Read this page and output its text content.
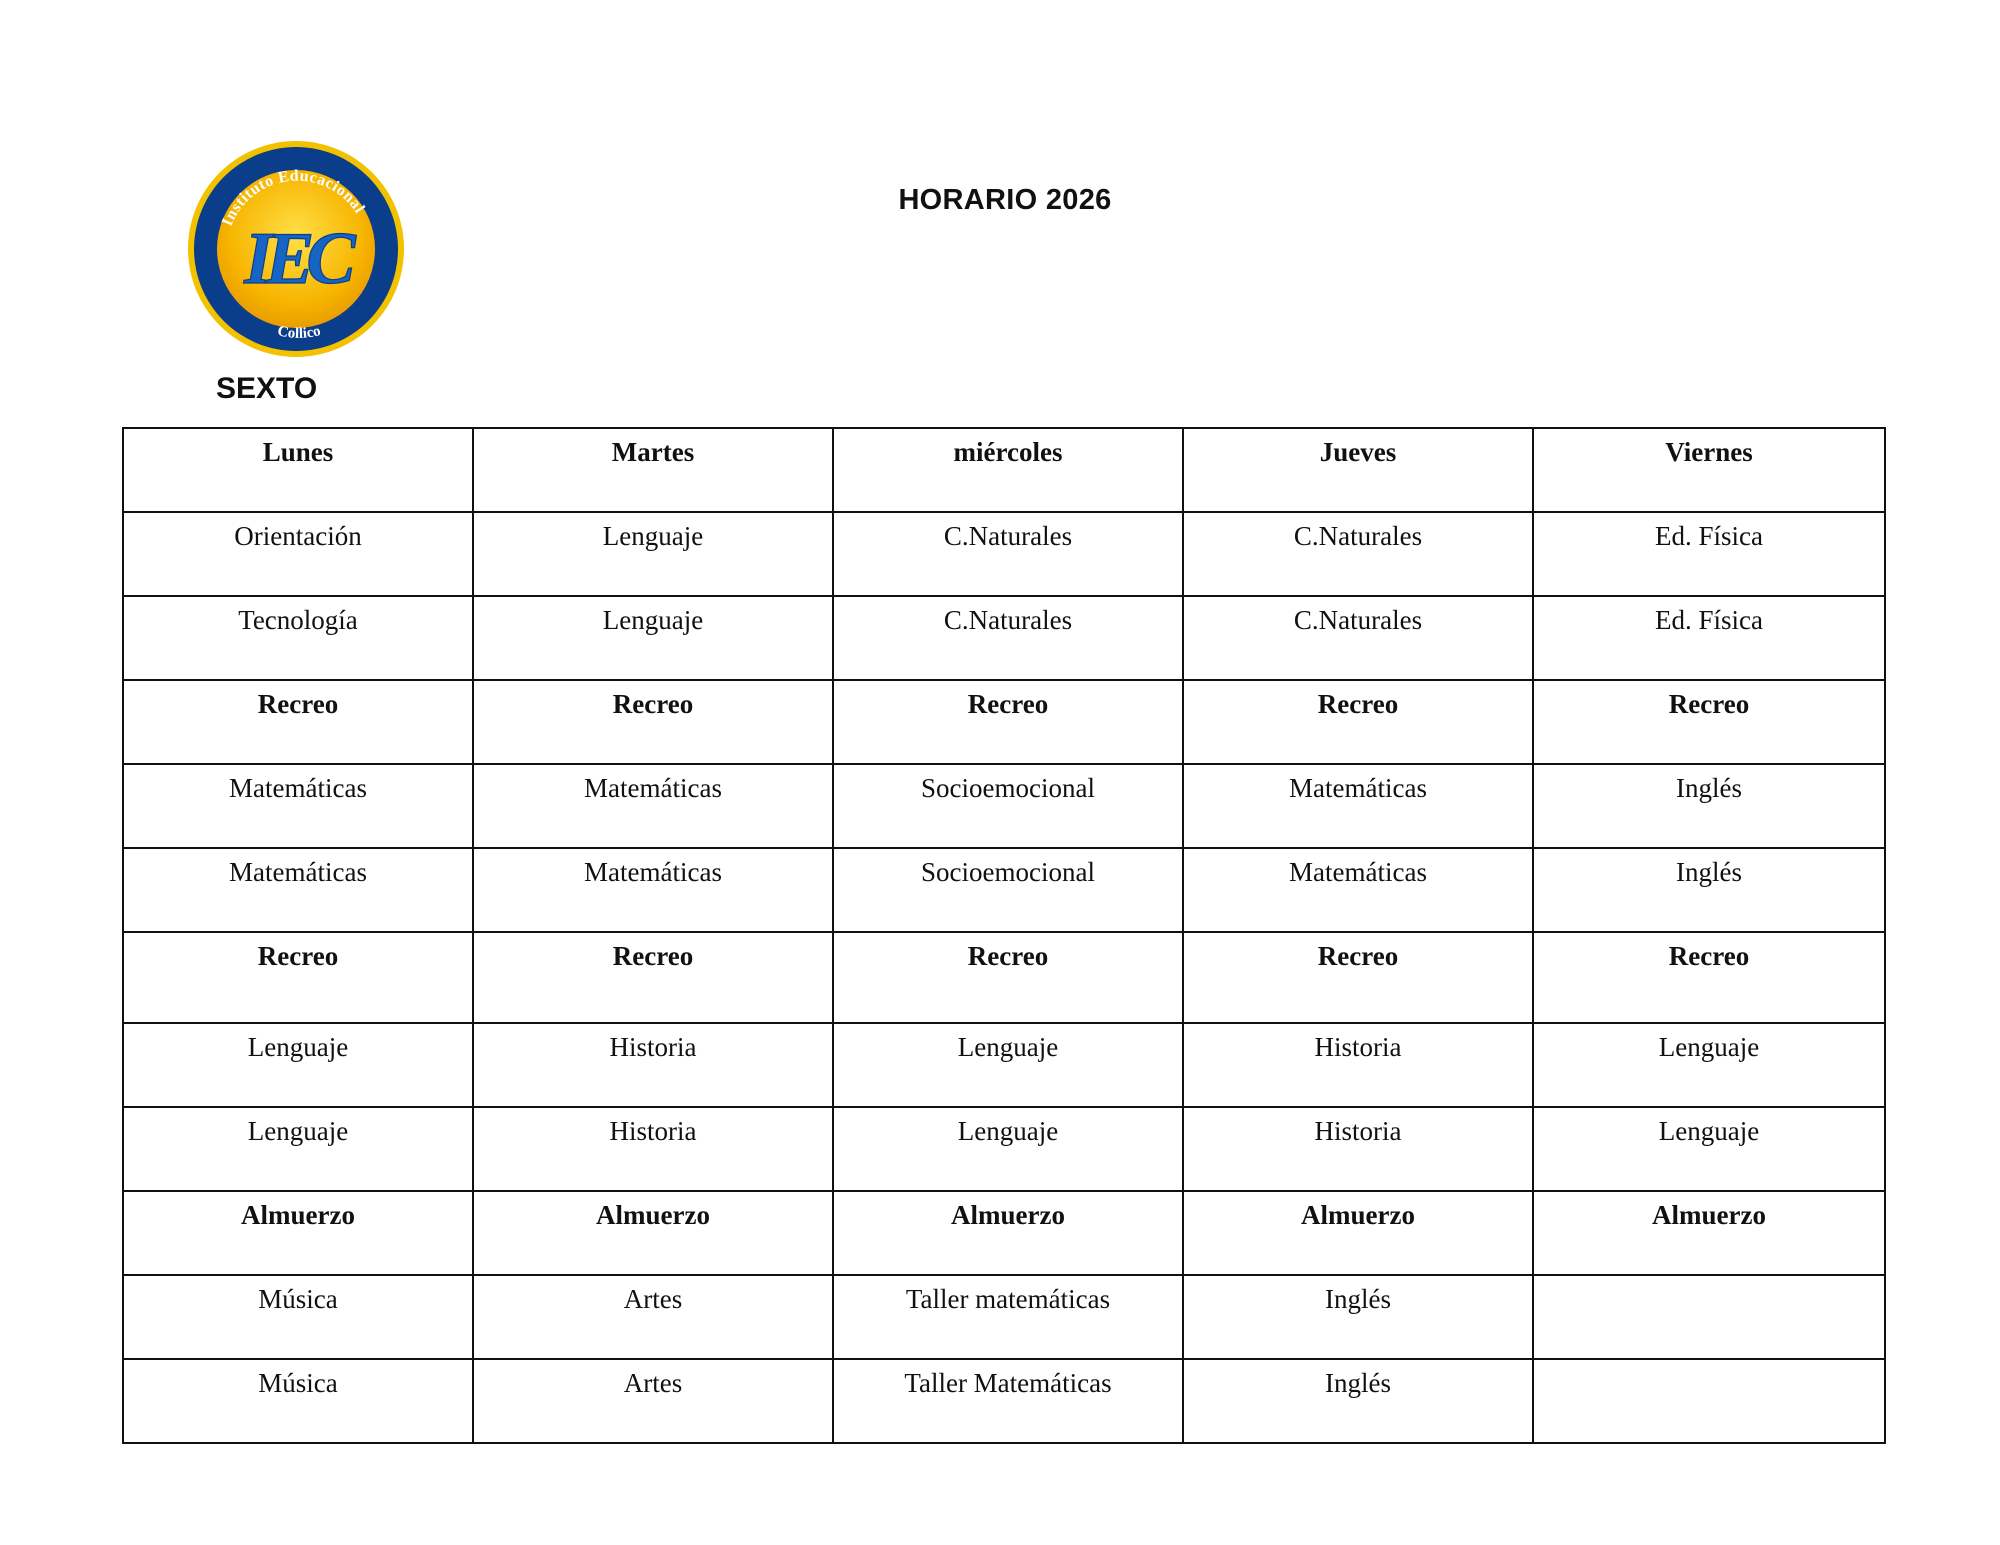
Instituto Educacional
Collico
IEC
HORARIO 2026
SEXTO
Lunes	Martes	miércoles	Jueves	Viernes
Orientación	Lenguaje	C.Naturales	C.Naturales	Ed. Física
Tecnología	Lenguaje	C.Naturales	C.Naturales	Ed. Física
Recreo	Recreo	Recreo	Recreo	Recreo
Matemáticas	Matemáticas	Socioemocional	Matemáticas	Inglés
Matemáticas	Matemáticas	Socioemocional	Matemáticas	Inglés
Recreo	Recreo	Recreo	Recreo	Recreo
Lenguaje	Historia	Lenguaje	Historia	Lenguaje
Lenguaje	Historia	Lenguaje	Historia	Lenguaje
Almuerzo	Almuerzo	Almuerzo	Almuerzo	Almuerzo
Música	Artes	Taller matemáticas	Inglés	
Música	Artes	Taller Matemáticas	Inglés	
